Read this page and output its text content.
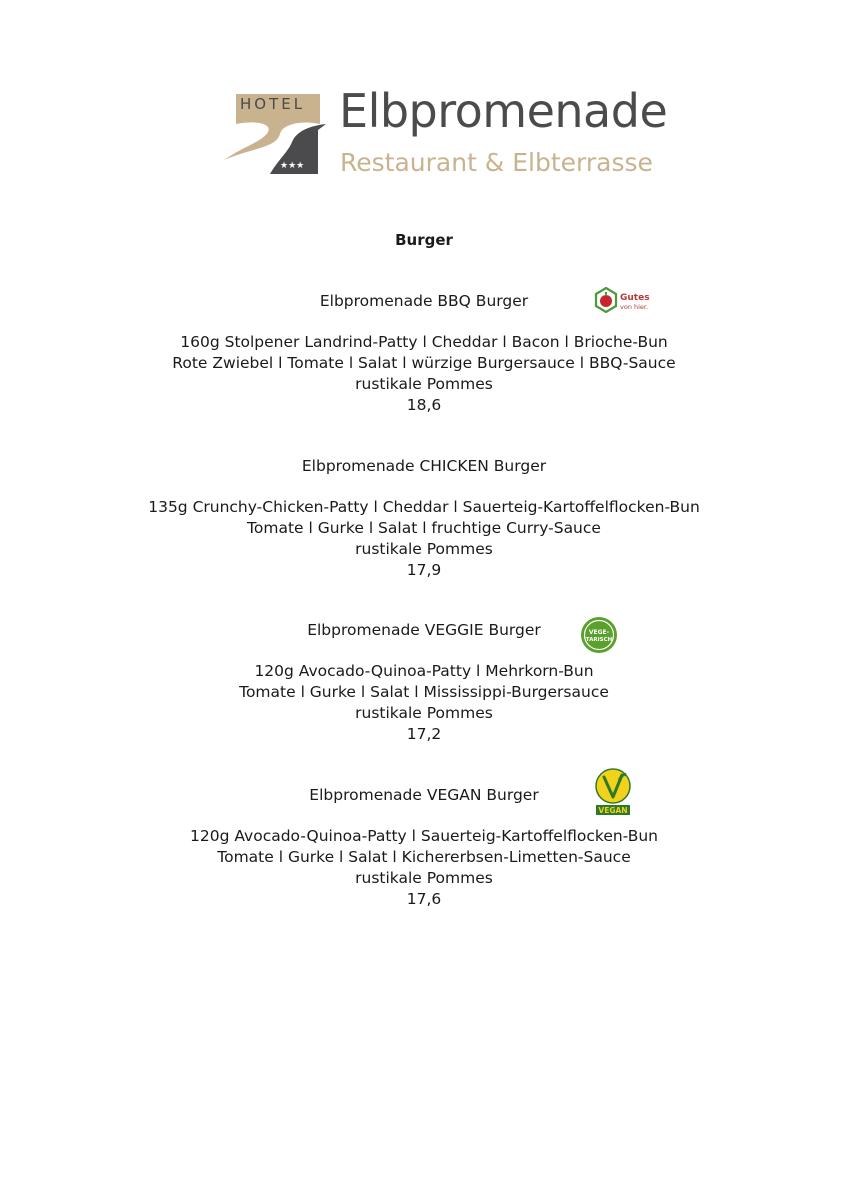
★★★
HOTEL Elbpromenade
Restaurant & Elbterrasse
Burger
Elbpromenade BBQ Burger
160g Stolpener Landrind-Patty l Cheddar l Bacon l Brioche-Bun
Rote Zwiebel l Tomate l Salat l würzige Burgersauce l BBQ-Sauce
rustikale Pommes
18,6
Gutes
von hier.
Elbpromenade CHICKEN Burger
135g Crunchy-Chicken-Patty l Cheddar l Sauerteig-Kartoffelflocken-Bun
Tomate l Gurke l Salat l fruchtige Curry-Sauce
rustikale Pommes
17,9
Elbpromenade VEGGIE Burger
120g Avocado-Quinoa-Patty l Mehrkorn-Bun
Tomate l Gurke l Salat l Mississippi-Burgersauce
rustikale Pommes
17,2
VEGE-
TARISCH
Elbpromenade VEGAN Burger
120g Avocado-Quinoa-Patty l Sauerteig-Kartoffelflocken-Bun
Tomate l Gurke l Salat l Kichererbsen-Limetten-Sauce
rustikale Pommes
17,6
VEGAN
